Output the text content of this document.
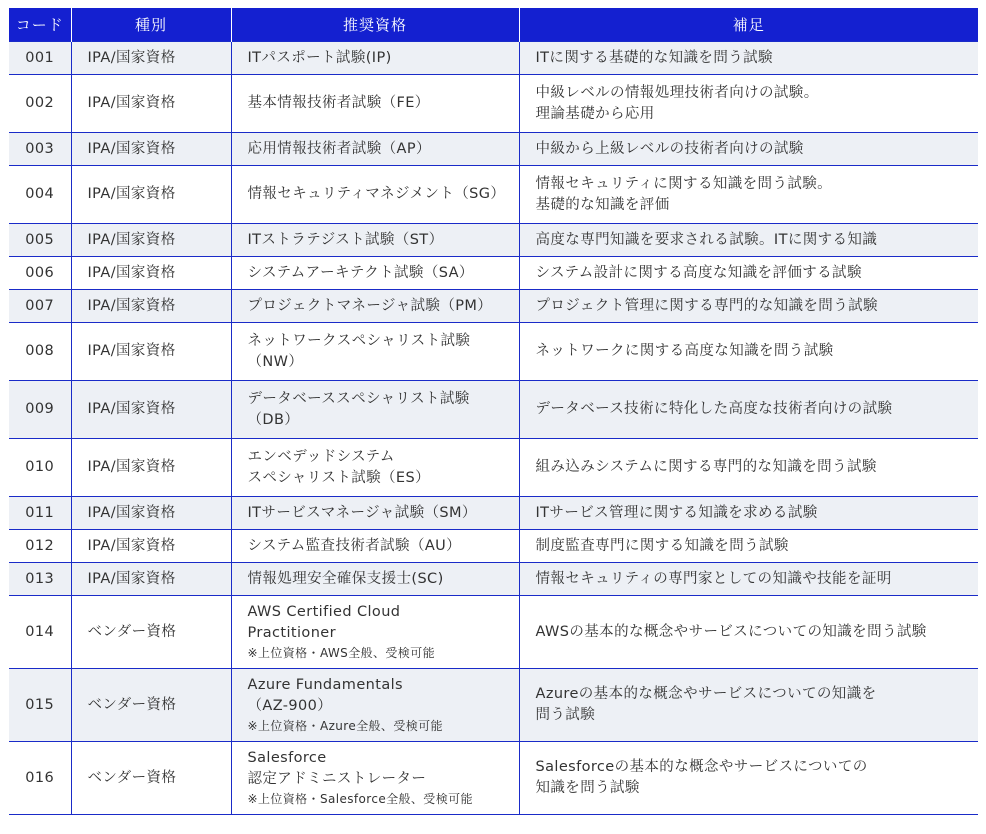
コード	種別	推奨資格	補足
001	IPA/国家資格	ITパスポート試験(IP)	ITに関する基礎的な知識を問う試験

002	IPA/国家資格	基本情報技術者試験（FE）	中級レベルの情報処理技術者向けの試験。
理論基礎から応用

003	IPA/国家資格	応用情報技術者試験（AP）	中級から上級レベルの技術者向けの試験

004	IPA/国家資格	情報セキュリティマネジメント（SG）	情報セキュリティに関する知識を問う試験。
基礎的な知識を評価

005	IPA/国家資格	ITストラテジスト試験（ST）	高度な専門知識を要求される試験。ITに関する知識

006	IPA/国家資格	システムアーキテクト試験（SA）	システム設計に関する高度な知識を評価する試験

007	IPA/国家資格	プロジェクトマネージャ試験（PM）	プロジェクト管理に関する専門的な知識を問う試験

008	IPA/国家資格	ネットワークスペシャリスト試験
（NW）	ネットワークに関する高度な知識を問う試験

009	IPA/国家資格	データベーススペシャリスト試験
（DB）	データベース技術に特化した高度な技術者向けの試験

010	IPA/国家資格	エンベデッドシステム
スペシャリスト試験（ES）	組み込みシステムに関する専門的な知識を問う試験

011	IPA/国家資格	ITサービスマネージャ試験（SM）	ITサービス管理に関する知識を求める試験

012	IPA/国家資格	システム監査技術者試験（AU）	制度監査専門に関する知識を問う試験

013	IPA/国家資格	情報処理安全確保支援士(SC)	情報セキュリティの専門家としての知識や技能を証明

014	ベンダー資格	AWS Certified Cloud
Practitioner
※上位資格・AWS全般、受検可能	AWSの基本的な概念やサービスについての知識を問う試験

015	ベンダー資格	Azure Fundamentals
（AZ-900）
※上位資格・Azure全般、受検可能	Azureの基本的な概念やサービスについての知識を
問う試験

016	ベンダー資格	Salesforce
認定アドミニストレーター
※上位資格・Salesforce全般、受検可能	Salesforceの基本的な概念やサービスについての
知識を問う試験
